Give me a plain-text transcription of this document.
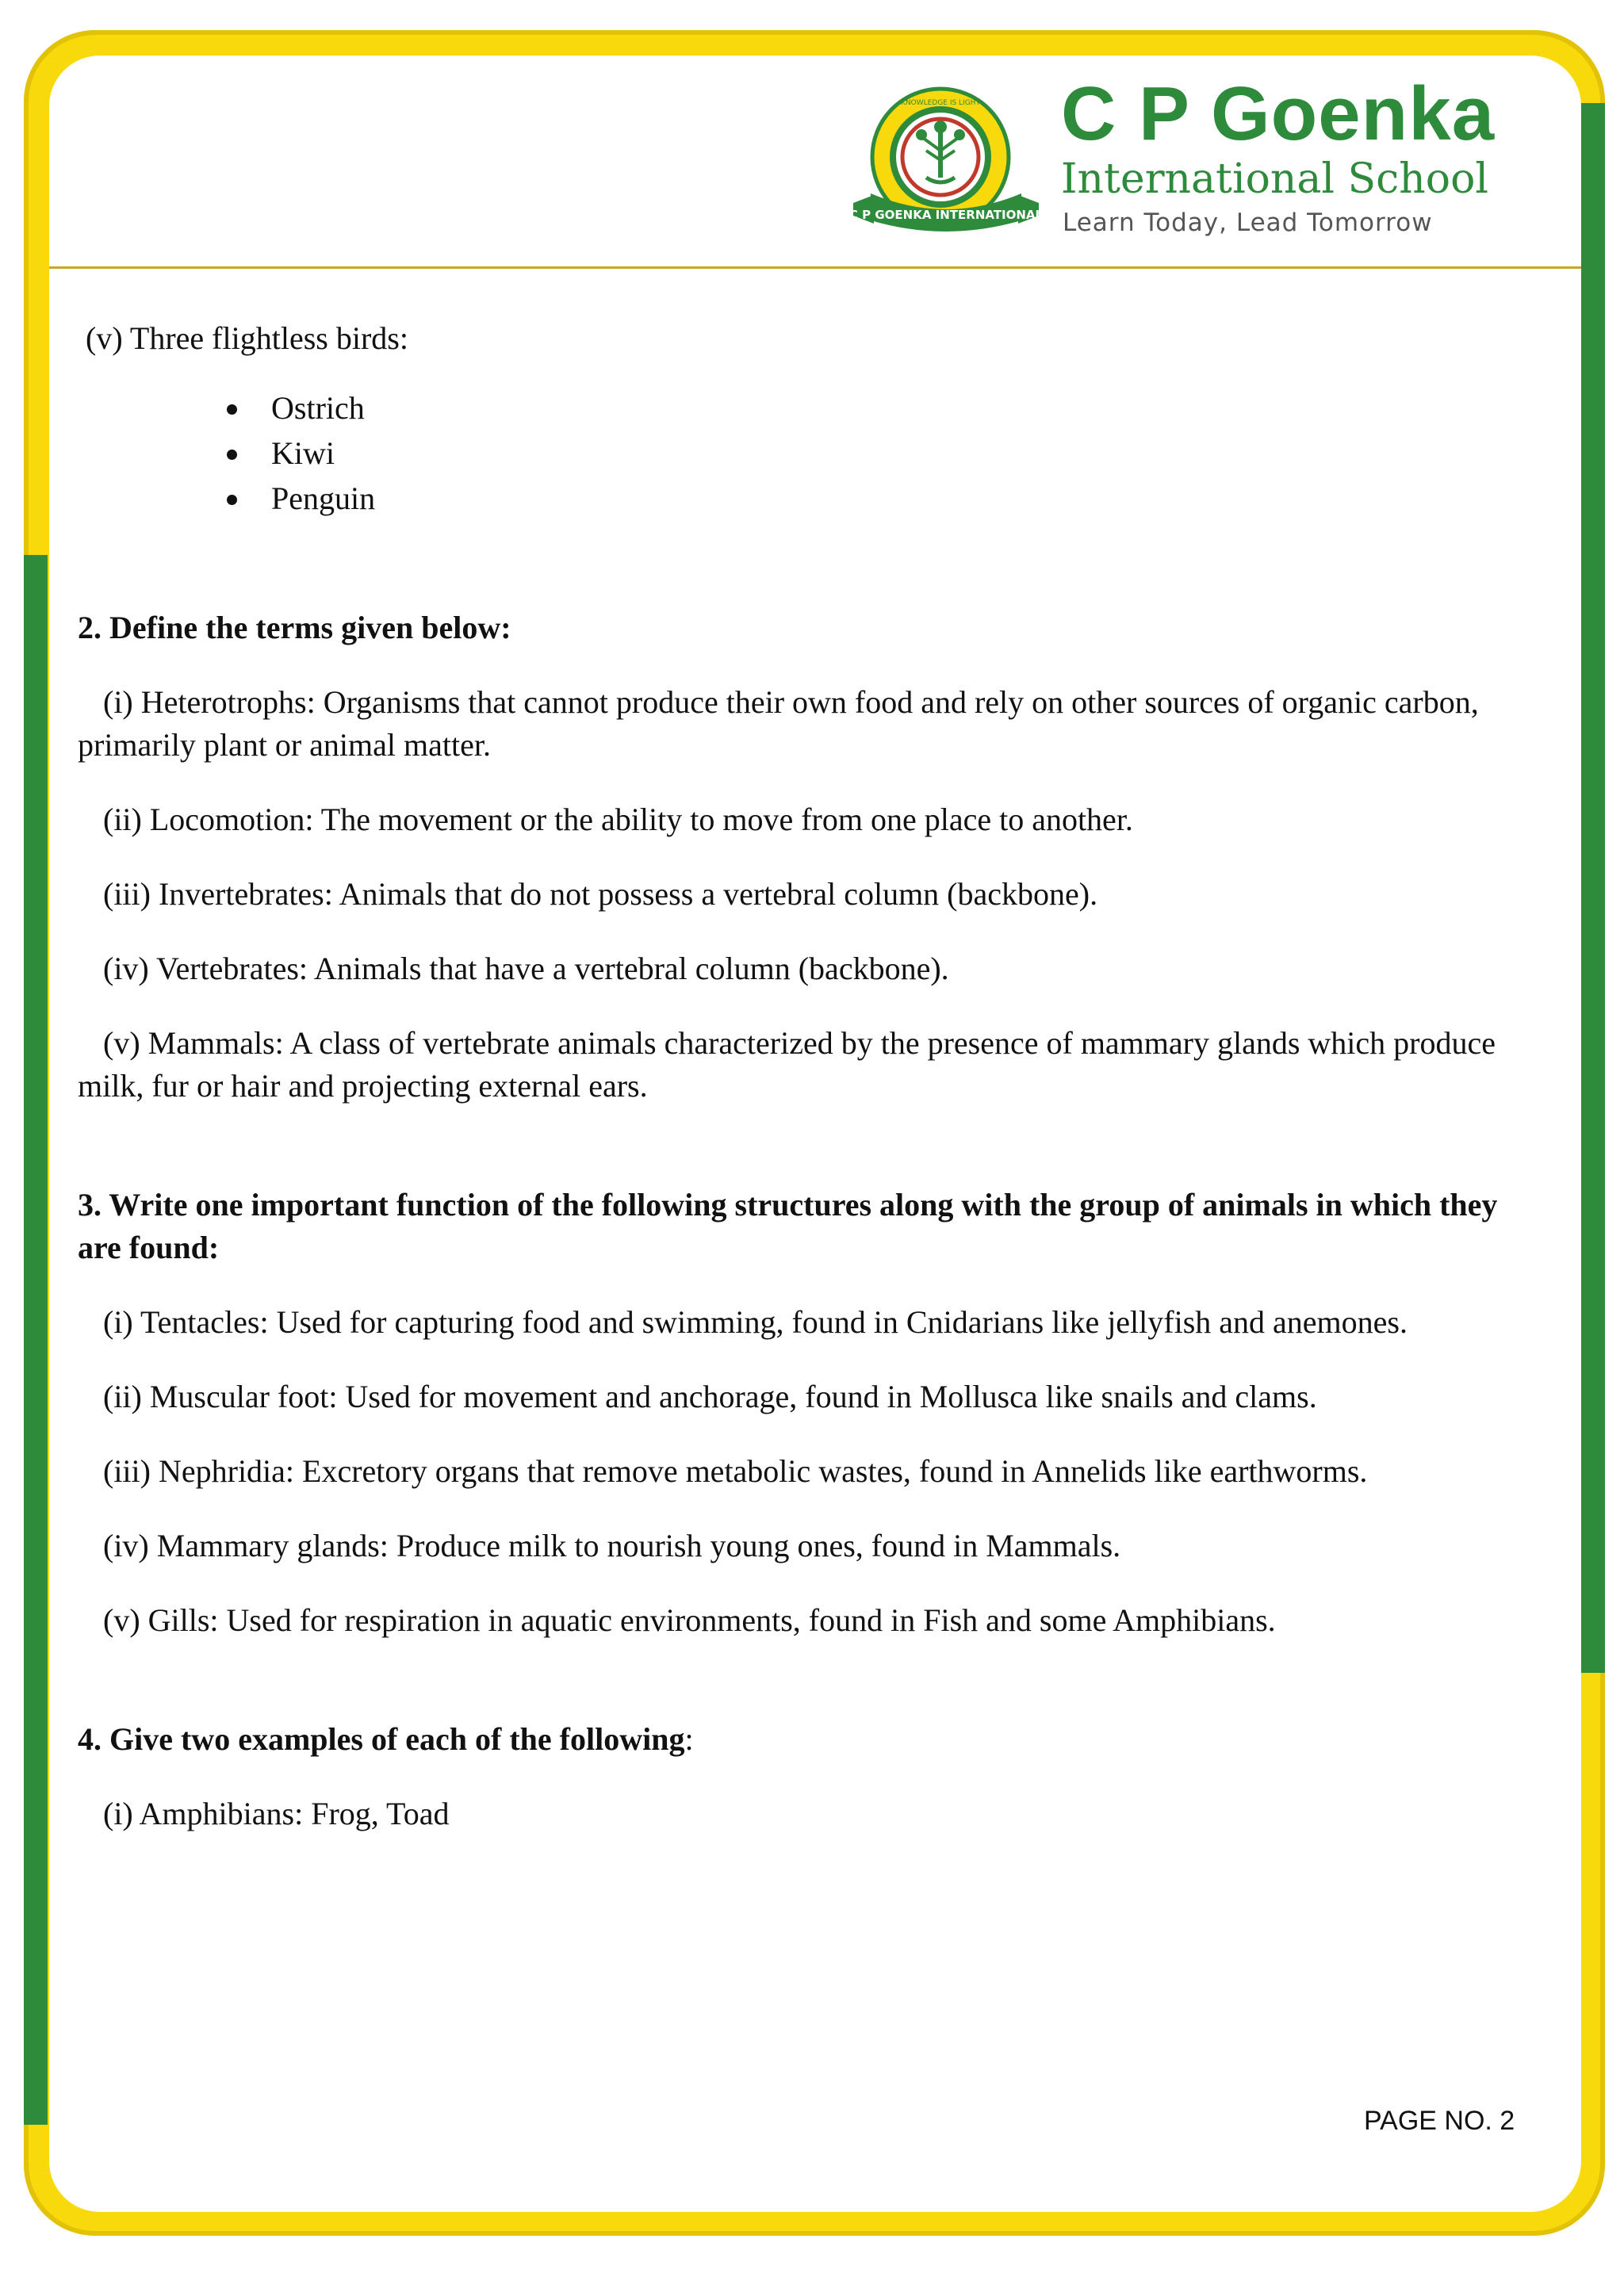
C P GOENKA INTERNATIONAL
KNOWLEDGE IS LIGHT C P Goenka
International School
Learn Today, Lead Tomorrow

(v) Three flightless birds:

Ostrich
Kiwi
Penguin

2. Define the terms given below:

(i) Heterotrophs: Organisms that cannot produce their own food and rely on other sources of organic carbon, primarily plant or animal matter.

(ii) Locomotion: The movement or the ability to move from one place to another.

(iii) Invertebrates: Animals that do not possess a vertebral column (backbone).

(iv) Vertebrates: Animals that have a vertebral column (backbone).

(v) Mammals: A class of vertebrate animals characterized by the presence of mammary glands which produce milk, fur or hair and projecting external ears.

3. Write one important function of the following structures along with the group of animals in which they are found:

(i) Tentacles: Used for capturing food and swimming, found in Cnidarians like jellyfish and anemones.

(ii) Muscular foot: Used for movement and anchorage, found in Mollusca like snails and clams.

(iii) Nephridia: Excretory organs that remove metabolic wastes, found in Annelids like earthworms.

(iv) Mammary glands: Produce milk to nourish young ones, found in Mammals.

(v) Gills: Used for respiration in aquatic environments, found in Fish and some Amphibians.

4. Give two examples of each of the following:

(i) Amphibians: Frog, Toad

PAGE NO. 2
